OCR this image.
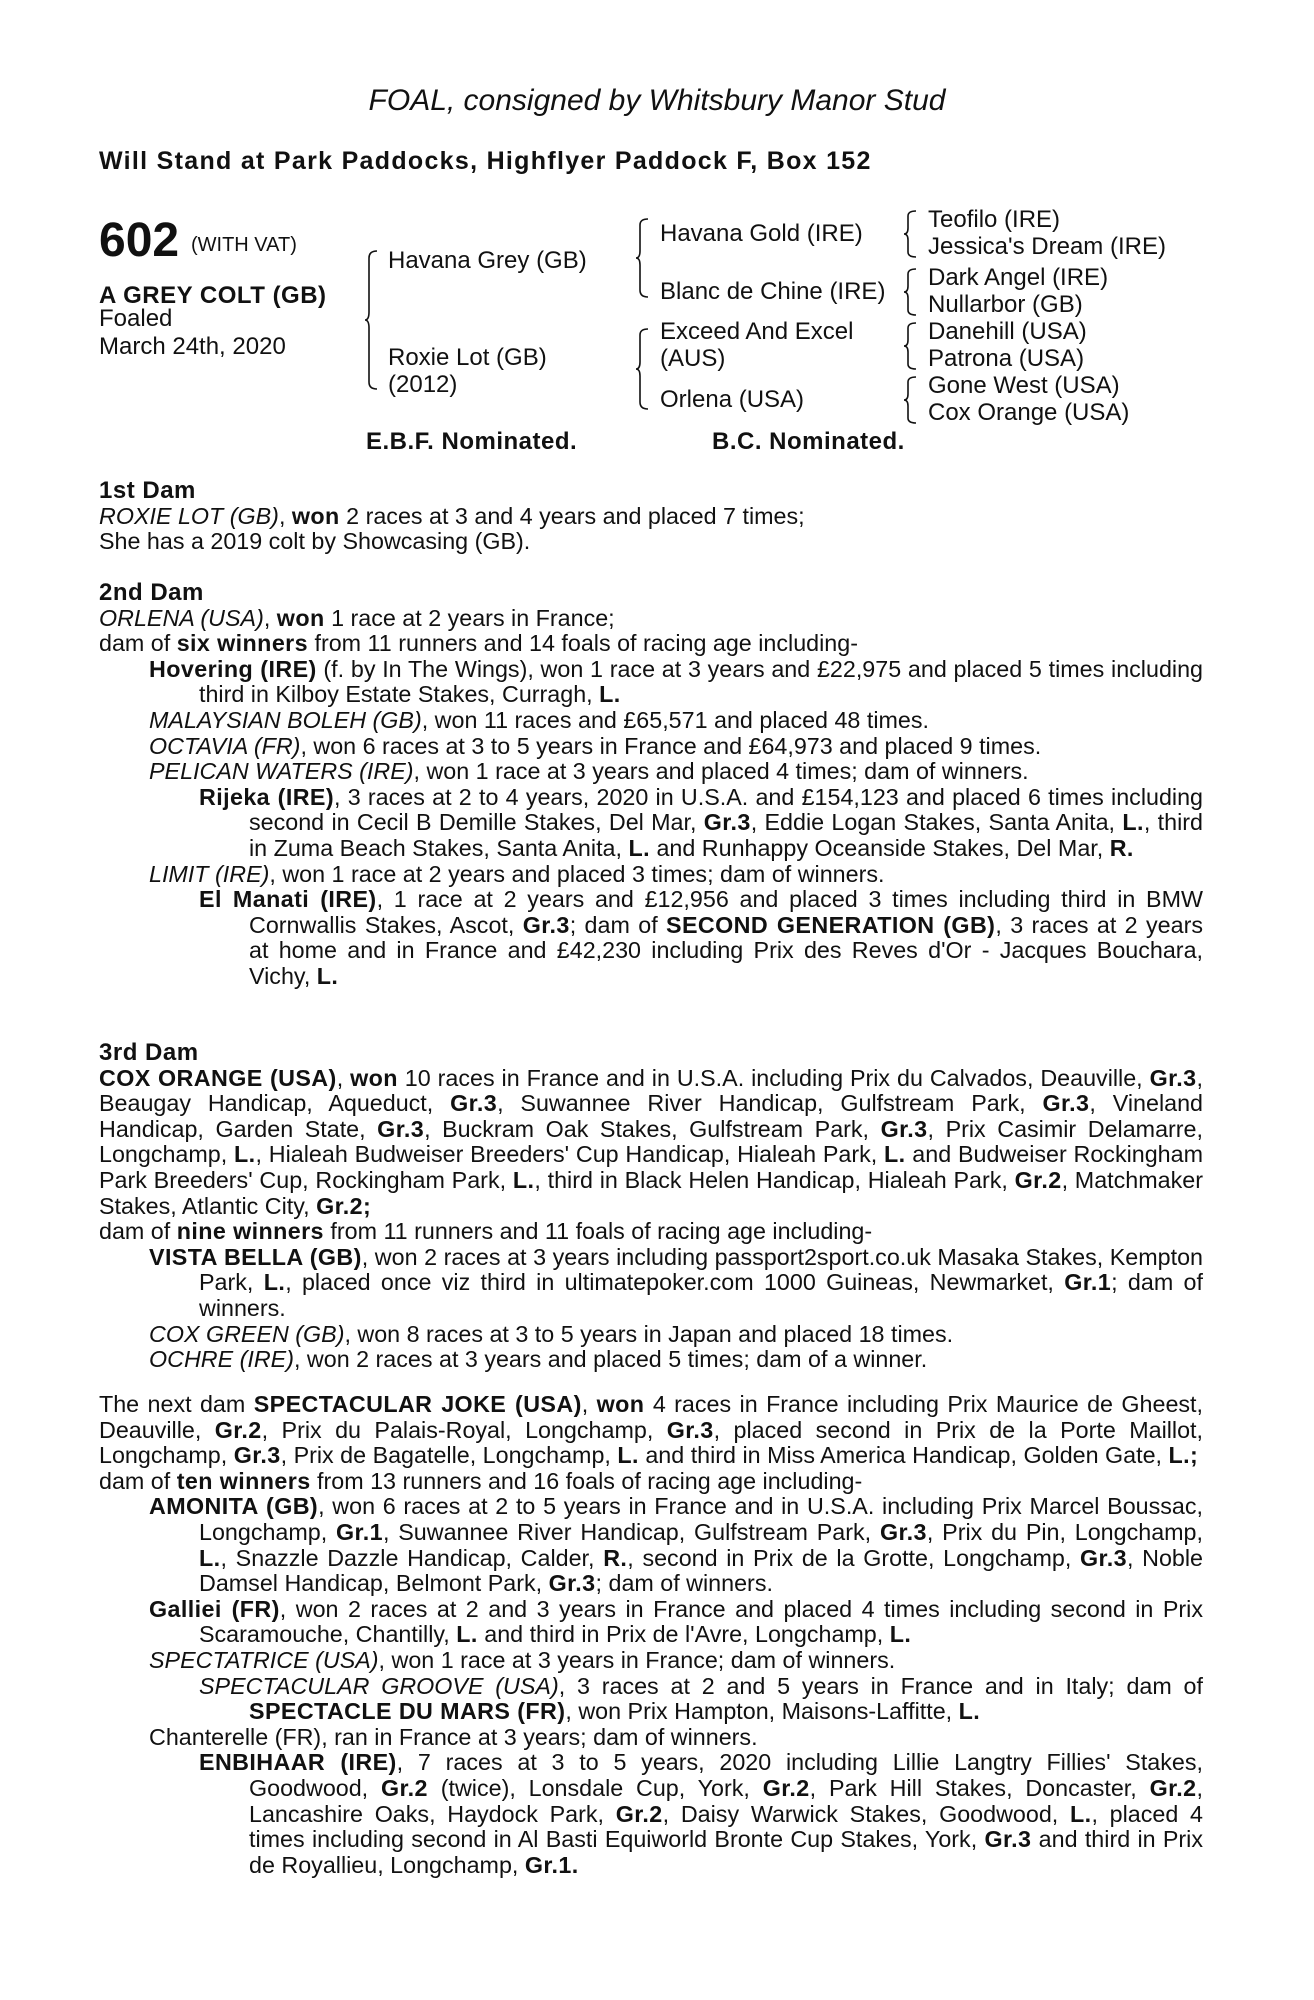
FOAL, consigned by Whitsbury Manor Stud
Will Stand at Park Paddocks, Highflyer Paddock F, Box 152
602 (WITH VAT)
A GREY COLT (GB)
Foaled
March 24th, 2020
Havana Grey (GB)
Roxie Lot (GB)
(2012)
Havana Gold (IRE)
Blanc de Chine (IRE)
Exceed And Excel
(AUS)
Orlena (USA)
Teofilo (IRE)
Jessica's Dream (IRE)
Dark Angel (IRE)
Nullarbor (GB)
Danehill (USA)
Patrona (USA)
Gone West (USA)
Cox Orange (USA)
E.B.F. Nominated.	B.C. Nominated.

1st Dam

ROXIE LOT (GB), won 2 races at 3 and 4 years and placed 7 times;

She has a 2019 colt by Showcasing (GB).

2nd Dam

ORLENA (USA), won 1 race at 2 years in France;

dam of six winners from 11 runners and 14 foals of racing age including-

Hovering (IRE) (f. by In The Wings), won 1 race at 3 years and £22,975 and placed 5 times including third in Kilboy Estate Stakes, Curragh, L.

MALAYSIAN BOLEH (GB), won 11 races and £65,571 and placed 48 times.

OCTAVIA (FR), won 6 races at 3 to 5 years in France and £64,973 and placed 9 times.

PELICAN WATERS (IRE), won 1 race at 3 years and placed 4 times; dam of winners.

Rijeka (IRE), 3 races at 2 to 4 years, 2020 in U.S.A. and £154,123 and placed 6 times including second in Cecil B Demille Stakes, Del Mar, Gr.3, Eddie Logan Stakes, Santa Anita, L., third in Zuma Beach Stakes, Santa Anita, L. and Runhappy Oceanside Stakes, Del Mar, R.

LIMIT (IRE), won 1 race at 2 years and placed 3 times; dam of winners.

El Manati (IRE), 1 race at 2 years and £12,956 and placed 3 times including third in BMW Cornwallis Stakes, Ascot, Gr.3; dam of SECOND GENERATION (GB), 3 races at 2 years at home and in France and £42,230 including Prix des Reves d'Or - Jacques Bouchara, Vichy, L.

3rd Dam

COX ORANGE (USA), won 10 races in France and in U.S.A. including Prix du Calvados, Deauville, Gr.3, Beaugay Handicap, Aqueduct, Gr.3, Suwannee River Handicap, Gulfstream Park, Gr.3, Vineland Handicap, Garden State, Gr.3, Buckram Oak Stakes, Gulfstream Park, Gr.3, Prix Casimir Delamarre, Longchamp, L., Hialeah Budweiser Breeders' Cup Handicap, Hialeah Park, L. and Budweiser Rockingham Park Breeders' Cup, Rockingham Park, L., third in Black Helen Handicap, Hialeah Park, Gr.2, Matchmaker Stakes, Atlantic City, Gr.2;

dam of nine winners from 11 runners and 11 foals of racing age including-

VISTA BELLA (GB), won 2 races at 3 years including passport2sport.co.uk Masaka Stakes, Kempton Park, L., placed once viz third in ultimatepoker.com 1000 Guineas, Newmarket, Gr.1; dam of winners.

COX GREEN (GB), won 8 races at 3 to 5 years in Japan and placed 18 times.

OCHRE (IRE), won 2 races at 3 years and placed 5 times; dam of a winner.

The next dam SPECTACULAR JOKE (USA), won 4 races in France including Prix Maurice de Gheest, Deauville, Gr.2, Prix du Palais-Royal, Longchamp, Gr.3, placed second in Prix de la Porte Maillot, Longchamp, Gr.3, Prix de Bagatelle, Longchamp, L. and third in Miss America Handicap, Golden Gate, L.;

dam of ten winners from 13 runners and 16 foals of racing age including-

AMONITA (GB), won 6 races at 2 to 5 years in France and in U.S.A. including Prix Marcel Boussac, Longchamp, Gr.1, Suwannee River Handicap, Gulfstream Park, Gr.3, Prix du Pin, Longchamp, L., Snazzle Dazzle Handicap, Calder, R., second in Prix de la Grotte, Longchamp, Gr.3, Noble Damsel Handicap, Belmont Park, Gr.3; dam of winners.

Galliei (FR), won 2 races at 2 and 3 years in France and placed 4 times including second in Prix Scaramouche, Chantilly, L. and third in Prix de l'Avre, Longchamp, L.

SPECTATRICE (USA), won 1 race at 3 years in France; dam of winners.

SPECTACULAR GROOVE (USA), 3 races at 2 and 5 years in France and in Italy; dam of SPECTACLE DU MARS (FR), won Prix Hampton, Maisons-Laffitte, L.

Chanterelle (FR), ran in France at 3 years; dam of winners.

ENBIHAAR (IRE), 7 races at 3 to 5 years, 2020 including Lillie Langtry Fillies' Stakes, Goodwood, Gr.2 (twice), Lonsdale Cup, York, Gr.2, Park Hill Stakes, Doncaster, Gr.2, Lancashire Oaks, Haydock Park, Gr.2, Daisy Warwick Stakes, Goodwood, L., placed 4 times including second in Al Basti Equiworld Bronte Cup Stakes, York, Gr.3 and third in Prix de Royallieu, Longchamp, Gr.1.
